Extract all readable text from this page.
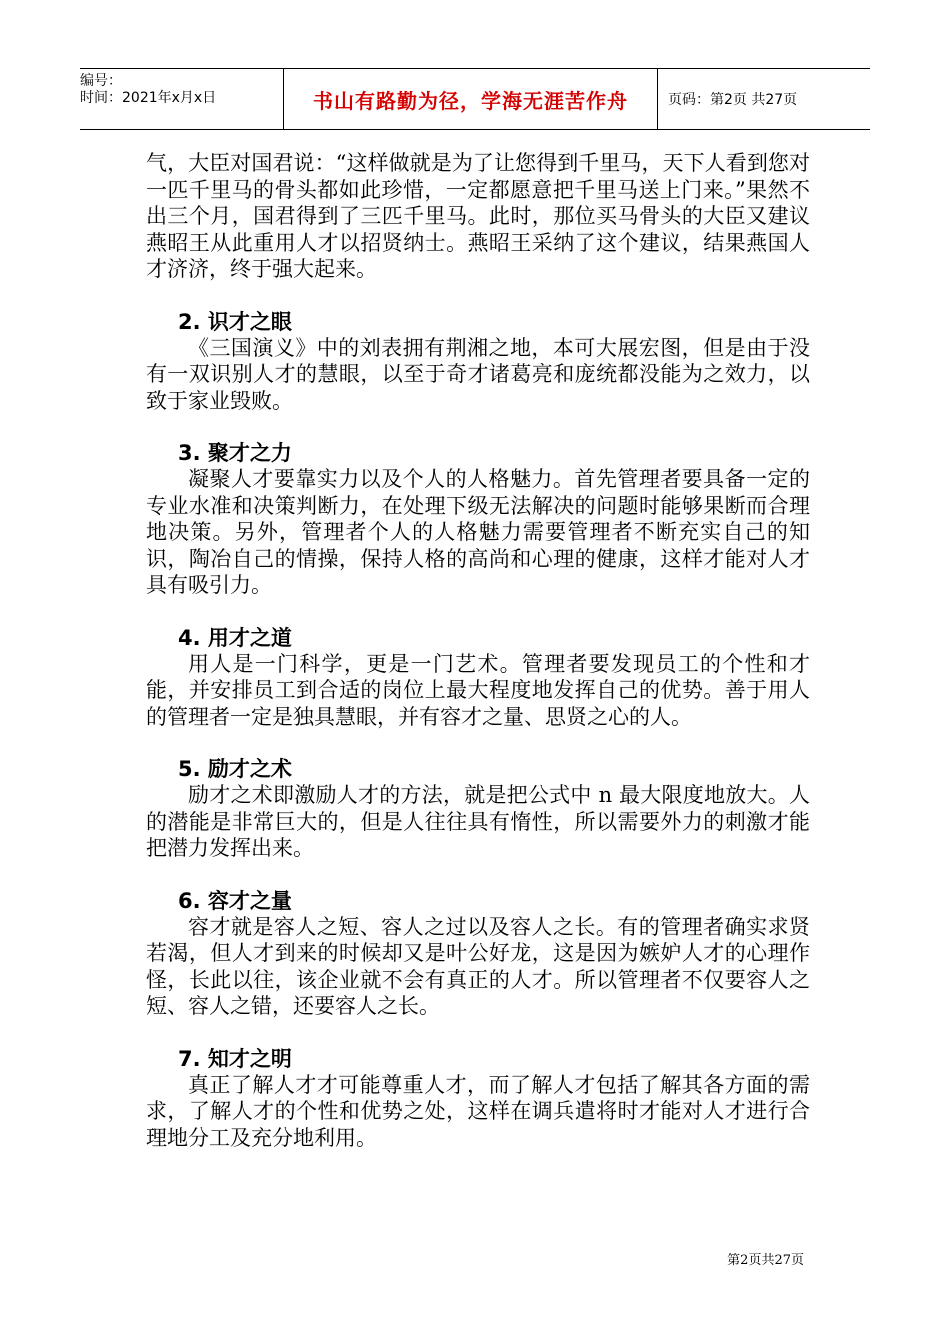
编号：
时间：2021年x月x日	书山有路勤为径，学海无涯苦作舟	页码：第2页 共27页

气，大臣对国君说：“这样做就是为了让您得到千里马，天下人看到您对一匹千里马的骨头都如此珍惜，一定都愿意把千里马送上门来。”果然不出三个月，国君得到了三匹千里马。此时，那位买马骨头的大臣又建议燕昭王从此重用人才以招贤纳士。燕昭王采纳了这个建议，结果燕国人才济济，终于强大起来。

2. 识才之眼

《三国演义》中的刘表拥有荆湘之地，本可大展宏图，但是由于没有一双识别人才的慧眼，以至于奇才诸葛亮和庞统都没能为之效力，以致于家业毁败。

3. 聚才之力

凝聚人才要靠实力以及个人的人格魅力。首先管理者要具备一定的专业水准和决策判断力，在处理下级无法解决的问题时能够果断而合理地决策。另外，管理者个人的人格魅力需要管理者不断充实自己的知识，陶冶自己的情操，保持人格的高尚和心理的健康，这样才能对人才具有吸引力。

4. 用才之道

用人是一门科学，更是一门艺术。管理者要发现员工的个性和才能，并安排员工到合适的岗位上最大程度地发挥自己的优势。善于用人的管理者一定是独具慧眼，并有容才之量、思贤之心的人。

5. 励才之术

励才之术即激励人才的方法，就是把公式中 n 最大限度地放大。人的潜能是非常巨大的，但是人往往具有惰性，所以需要外力的刺激才能把潜力发挥出来。

6. 容才之量

容才就是容人之短、容人之过以及容人之长。有的管理者确实求贤若渴，但人才到来的时候却又是叶公好龙，这是因为嫉妒人才的心理作怪，长此以往，该企业就不会有真正的人才。所以管理者不仅要容人之短、容人之错，还要容人之长。

7. 知才之明

真正了解人才才可能尊重人才，而了解人才包括了解其各方面的需求，了解人才的个性和优势之处，这样在调兵遣将时才能对人才进行合理地分工及充分地利用。

第2页共27页
